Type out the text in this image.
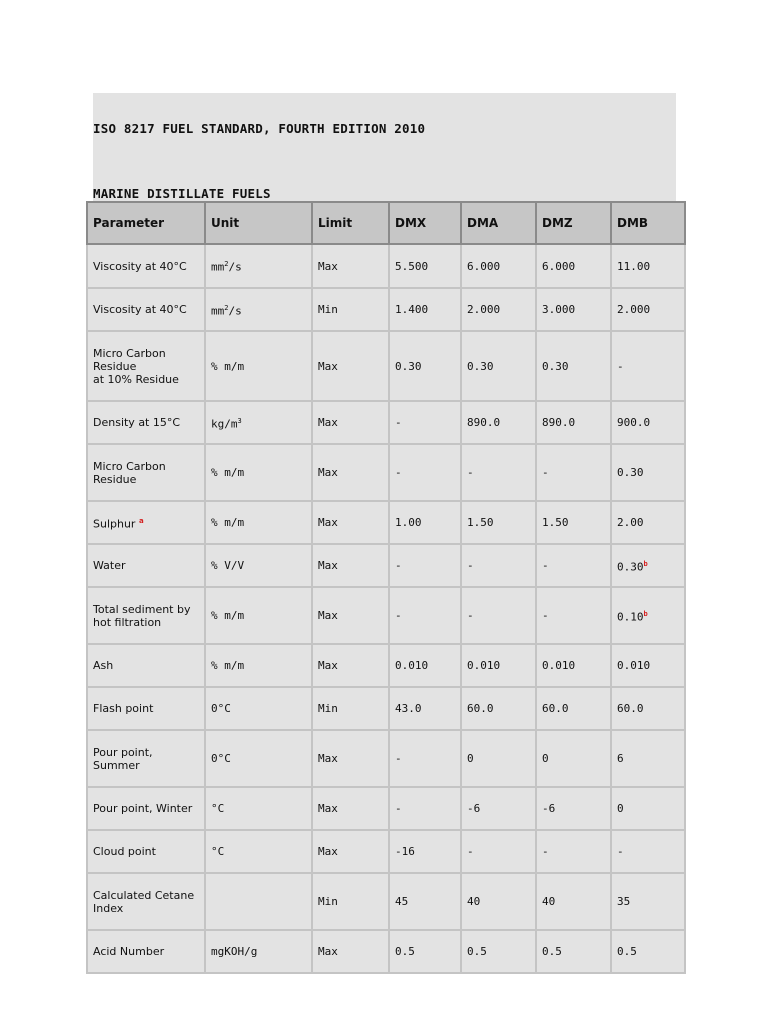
ISO 8217 FUEL STANDARD, FOURTH EDITION 2010
MARINE DISTILLATE FUELS
Parameter	Unit	Limit	DMX	DMA	DMZ	DMB
Viscosity at 40°C	$mm^2/s$	Max	5.500	6.000	6.000	11.00
Viscosity at 40°C	$mm^2/s$	Min	1.400	2.000	3.000	2.000
Micro Carbon
Residue
at 10% Residue	% m/m	Max	0.30	0.30	0.30	-
Density at 15°C	$kg/m^3$	Max	-	890.0	890.0	900.0
Micro Carbon
Residue	% m/m	Max	-	-	-	0.30
Sulphur $^a$	% m/m	Max	1.00	1.50	1.50	2.00
Water	% V/V	Max	-	-	-	0.30$^b$
Total sediment by
hot filtration	% m/m	Max	-	-	-	0.10$^b$
Ash	% m/m	Max	0.010	0.010	0.010	0.010
Flash point	0°C	Min	43.0	60.0	60.0	60.0
Pour point,
Summer	0°C	Max	-	0	0	6
Pour point, Winter	°C	Max	-	-6	-6	0
Cloud point	°C	Max	-16	-	-	-
Calculated Cetane
Index		Min	45	40	40	35
Acid Number	mgKOH/g	Max	0.5	0.5	0.5	0.5
